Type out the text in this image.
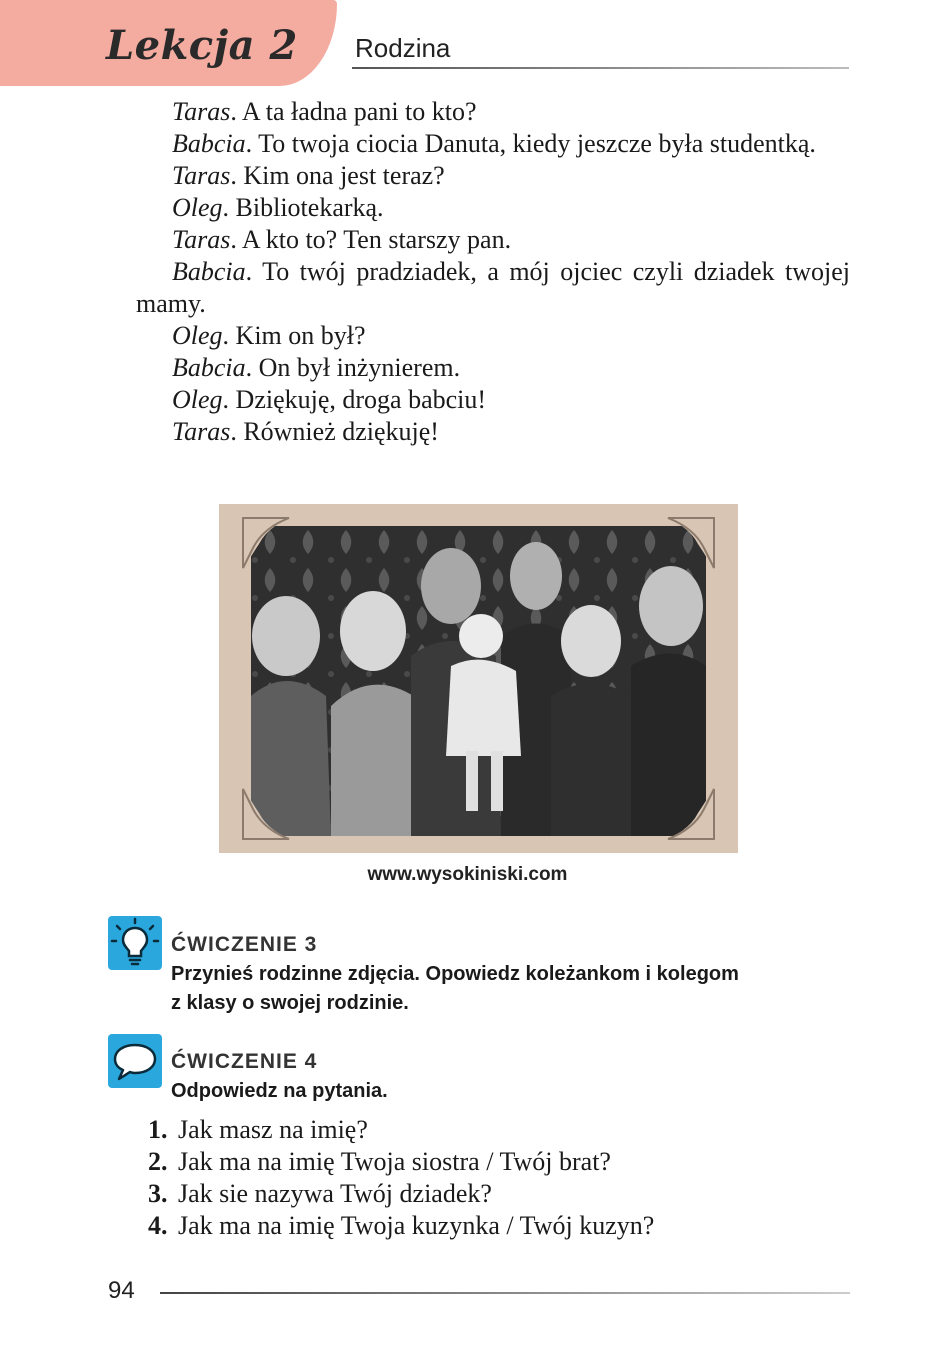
Lekcja 2 Rodzina

Taras. A ta ładna pani to kto?

Babcia. To twoja ciocia Danuta, kiedy jeszcze była studentką.

Taras. Kim ona jest teraz?

Oleg. Bibliotekarką.

Taras. A kto to? Ten starszy pan.

Babcia. To twój pradziadek, a mój ojciec czyli dziadek twojej mamy.

Oleg. Kim on był?

Babcia. On był inżynierem.

Oleg. Dziękuję, droga babciu!

Taras. Również dziękuję!

www.wysokiniski.com
ĆWICZENIE 3
Przynieś rodzinne zdjęcia. Opowiedz koleżankom i kolegom
z klasy o swojej rodzinie.
ĆWICZENIE 4
Odpowiedz na pytania.
1. Jak masz na imię?
2. Jak ma na imię Twoja siostra / Twój brat?
3. Jak sie nazywa Twój dziadek?
4. Jak ma na imię Twoja kuzynka / Twój kuzyn?
94
